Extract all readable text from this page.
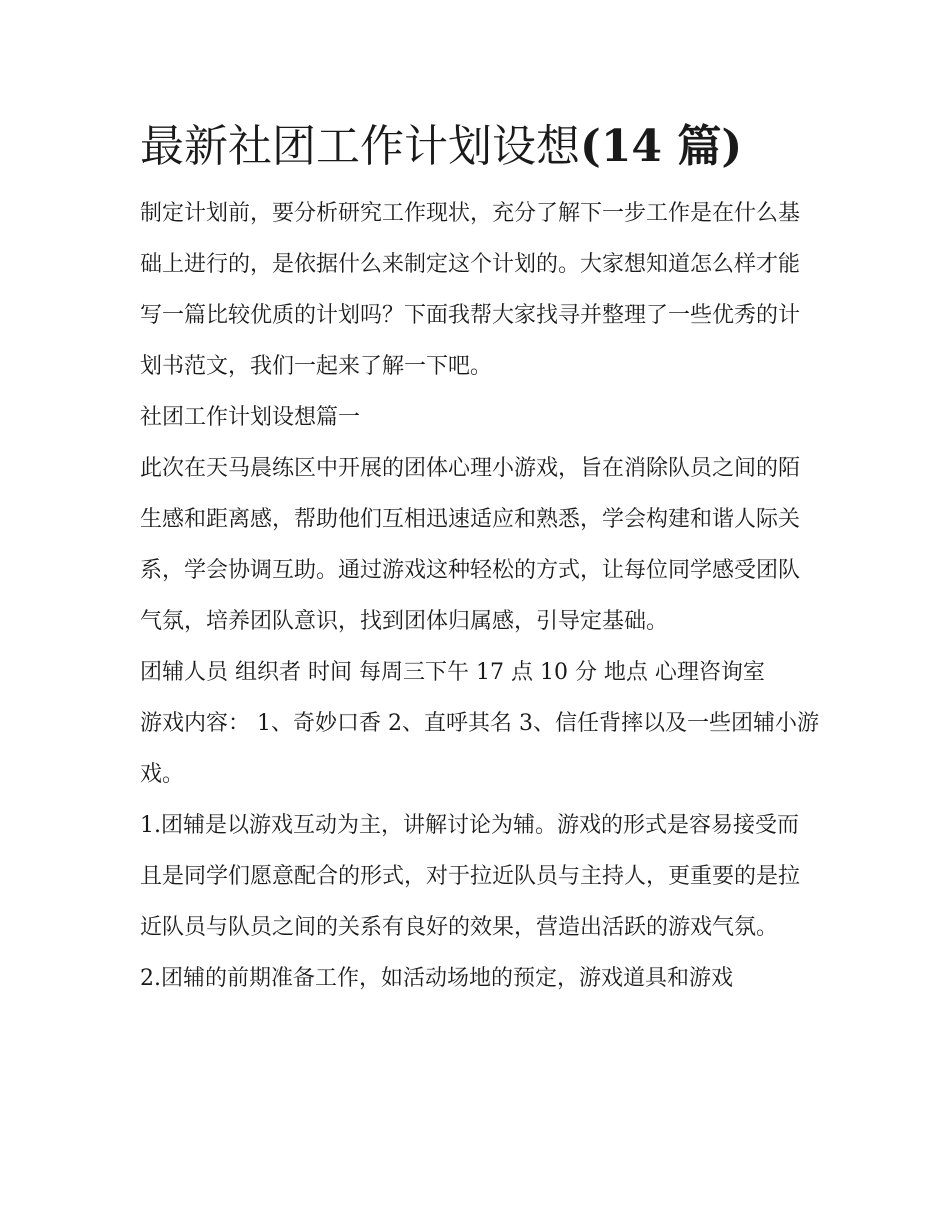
最新社团工作计划设想(14 篇)

制定计划前，要分析研究工作现状，充分了解下一步工作是在什么基础上进行的，是依据什么来制定这个计划的。大家想知道怎么样才能写一篇比较优质的计划吗？下面我帮大家找寻并整理了一些优秀的计划书范文，我们一起来了解一下吧。

社团工作计划设想篇一

此次在天马晨练区中开展的团体心理小游戏，旨在消除队员之间的陌生感和距离感，帮助他们互相迅速适应和熟悉，学会构建和谐人际关系，学会协调互助。通过游戏这种轻松的方式，让每位同学感受团队气氛，培养团队意识，找到团体归属感，引导定基础。

团辅人员 组织者 时间 每周三下午 17 点 10 分 地点 心理咨询室

游戏内容： 1、奇妙口香 2、直呼其名 3、信任背摔以及一些团辅小游戏。

1.团辅是以游戏互动为主，讲解讨论为辅。游戏的形式是容易接受而且是同学们愿意配合的形式，对于拉近队员与主持人，更重要的是拉近队员与队员之间的关系有良好的效果，营造出活跃的游戏气氛。

2.团辅的前期准备工作，如活动场地的预定，游戏道具和游戏
